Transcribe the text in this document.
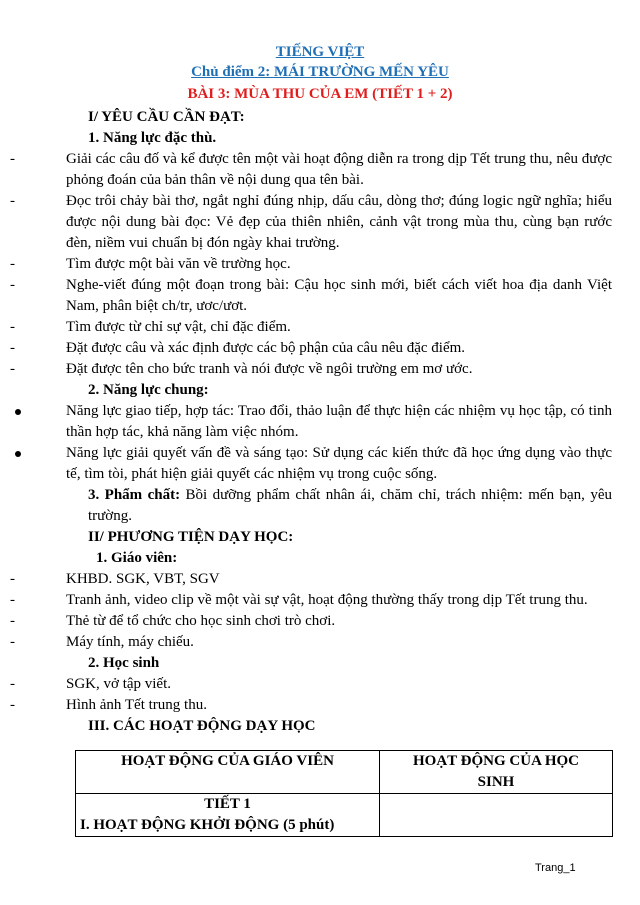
TIẾNG VIỆT
Chủ điểm 2: MÁI TRƯỜNG MẾN YÊU
BÀI 3: MÙA THU CỦA EM (TIẾT 1 + 2)

I/ YÊU CẦU CẦN ĐẠT:

1. Năng lực đặc thù.

-	Giải các câu đố và kể được tên một vài hoạt động diễn ra trong dịp Tết trung thu, nêu được phỏng đoán của bản thân về nội dung qua tên bài.

-	Đọc trôi chảy bài thơ, ngắt nghỉ đúng nhịp, dấu câu, dòng thơ; đúng logic ngữ nghĩa; hiểu được nội dung bài đọc: Vẻ đẹp của thiên nhiên, cảnh vật trong mùa thu, cùng bạn rước đèn, niềm vui chuẩn bị đón ngày khai trường.

-	Tìm được một bài văn về trường học.

-	Nghe-viết đúng một đoạn trong bài: Cậu học sinh mới, biết cách viết hoa địa danh Việt Nam, phân biệt ch/tr, ươc/ươt.

-	Tìm được từ chỉ sự vật, chỉ đặc điểm.

-	Đặt được câu và xác định được các bộ phận của câu nêu đặc điểm.

-	Đặt được tên cho bức tranh và nói được về ngôi trường em mơ ước.

2. Năng lực chung:

Năng lực giao tiếp, hợp tác: Trao đổi, thảo luận để thực hiện các nhiệm vụ học tập, có tinh thần hợp tác, khả năng làm việc nhóm.

Năng lực giải quyết vấn đề và sáng tạo: Sử dụng các kiến thức đã học ứng dụng vào thực tế, tìm tòi, phát hiện giải quyết các nhiệm vụ trong cuộc sống.

3. Phẩm chất: Bồi dưỡng phẩm chất nhân ái, chăm chỉ, trách nhiệm: mến bạn, yêu trường.

II/ PHƯƠNG TIỆN DẠY HỌC:

1. Giáo viên:

-	KHBD. SGK, VBT, SGV

-	Tranh ảnh, video clip về một vài sự vật, hoạt động thường thấy trong dịp Tết trung thu.

-	Thẻ từ để tổ chức cho học sinh chơi trò chơi.

-	Máy tính, máy chiếu.

2. Học sinh

-	SGK, vở tập viết.

-	Hình ảnh Tết trung thu.

III. CÁC HOẠT ĐỘNG DẠY HỌC

HOẠT ĐỘNG CỦA GIÁO VIÊN	HOẠT ĐỘNG CỦA HỌC SINH

TIẾT 1
I. HOẠT ĐỘNG KHỞI ĐỘNG (5 phút)	

Trang_1
